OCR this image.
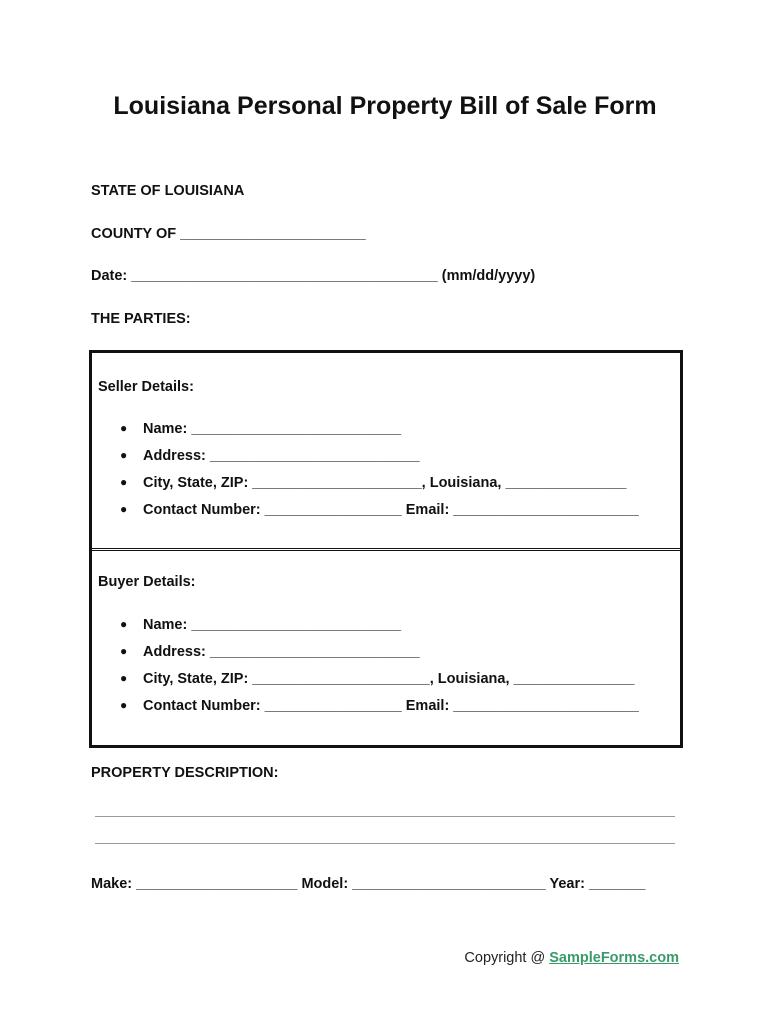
Louisiana Personal Property Bill of Sale Form
STATE OF LOUISIANA
COUNTY OF _______________________
Date: ______________________________________ (mm/dd/yyyy)
THE PARTIES:
Seller Details:
● Name: __________________________
● Address: __________________________
● City, State, ZIP: _____________________, Louisiana, _______________
● Contact Number: _________________ Email: _______________________
Buyer Details:
● Name: __________________________
● Address: __________________________
● City, State, ZIP: ______________________, Louisiana, _______________
● Contact Number: _________________ Email: _______________________
PROPERTY DESCRIPTION:
Make: ____________________ Model: ________________________ Year: _______
Copyright @ SampleForms.com
